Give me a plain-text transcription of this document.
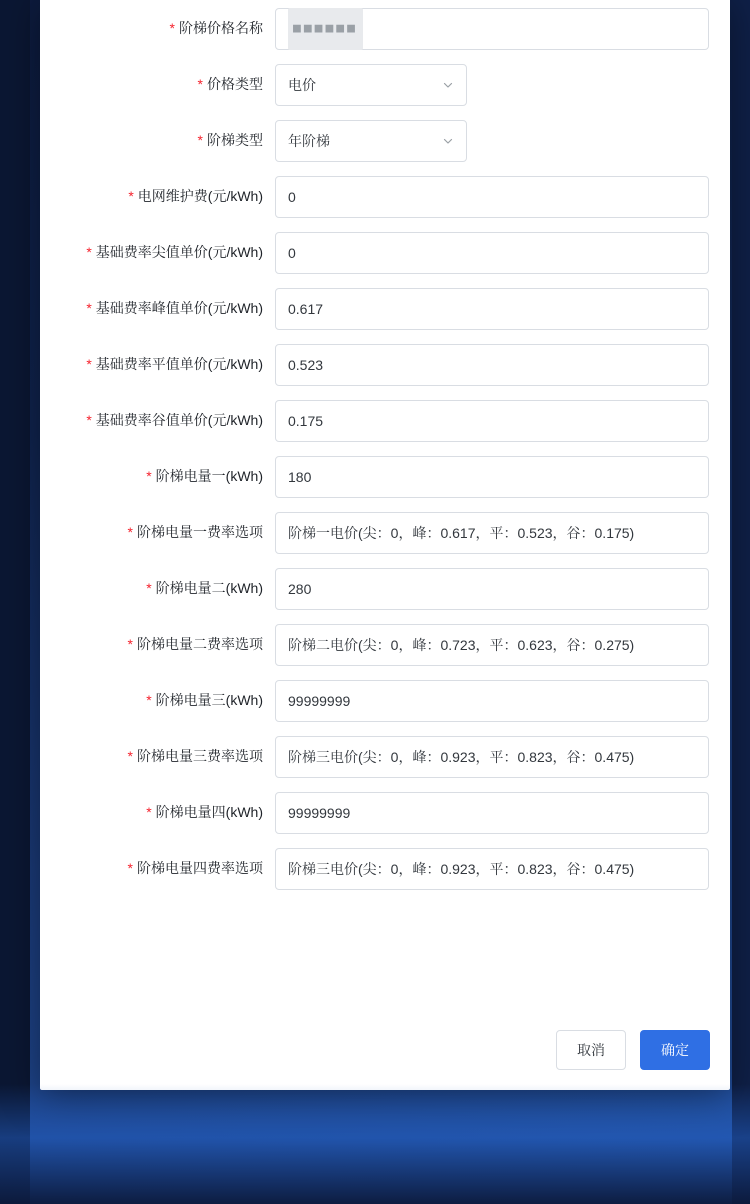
* 阶梯价格名称	■■■■■■
* 价格类型	电价
* 阶梯类型	年阶梯
* 电网维护费(元/kWh)	0
* 基础费率尖值单价(元/kWh)	0
* 基础费率峰值单价(元/kWh)	0.617
* 基础费率平值单价(元/kWh)	0.523
* 基础费率谷值单价(元/kWh)	0.175
* 阶梯电量一(kWh)	180
* 阶梯电量一费率选项	阶梯一电价(尖：0，峰：0.617，平：0.523，谷：0.175)
* 阶梯电量二(kWh)	280
* 阶梯电量二费率选项	阶梯二电价(尖：0，峰：0.723，平：0.623，谷：0.275)
* 阶梯电量三(kWh)	99999999
* 阶梯电量三费率选项	阶梯三电价(尖：0，峰：0.923，平：0.823，谷：0.475)
* 阶梯电量四(kWh)	99999999
* 阶梯电量四费率选项	阶梯三电价(尖：0，峰：0.923，平：0.823，谷：0.475)
取消	确定
